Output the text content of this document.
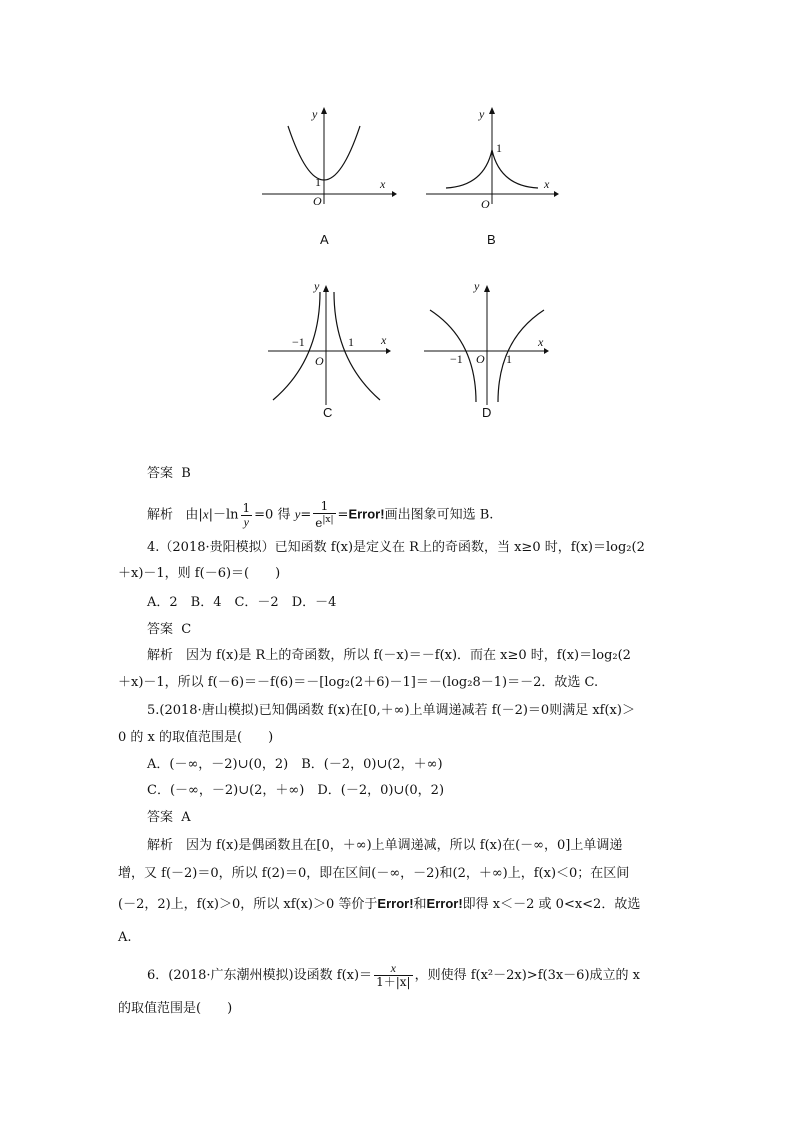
y
x
O
1
A
y
x
O
1
B
y
x
O
−1	1
C
y
x
O
−1	1
D
答案 B
解析 由$|x|-\ln \frac{1}{y} =0$ 得 $y= \frac{1}{e^{|x|}}$ =Error!画出图象可知选 B.
4.（2018·贵阳模拟）已知函数 f(x)是定义在 R上的奇函数，当 x≥0 时，f(x)＝log₂(2
＋x)－1，则 f(－6)＝(　　)
A．2　B．4　C．－2　D．－4
答案 C
解析　因为 f(x)是 R上的奇函数，所以 f(－x)＝－f(x)．而在 x≥0 时，f(x)＝log₂(2
＋x)－1，所以 f(－6)＝－f(6)＝－[log₂(2＋6)－1]＝－(log₂8－1)＝－2．故选 C.
5.(2018·唐山模拟)已知偶函数 f(x)在[0,＋∞)上单调递减若 f(－2)＝0则满足 xf(x)＞
0 的 x 的取值范围是(　　)
A．(－∞，－2)∪(0，2)　B．(－2，0)∪(2，＋∞)
C．(－∞，－2)∪(2，＋∞)　D．(－2，0)∪(0，2)
答案 A
解析　因为 f(x)是偶函数且在[0，＋∞)上单调递减，所以 f(x)在(－∞，0]上单调递
增，又 f(－2)＝0，所以 f(2)＝0，即在区间(－∞，－2)和(2，＋∞)上，f(x)＜0；在区间
(－2，2)上，f(x)＞0，所以 xf(x)＞0 等价于Error!和Error!即得 x＜－2 或 0<x<2．故选
A.
6．(2018·广东潮州模拟)设函数 $f(x)= \frac{x}{1+|x|}$ ，则使得 f(x²－2x)>f(3x－6)成立的 x
的取值范围是(　　)
